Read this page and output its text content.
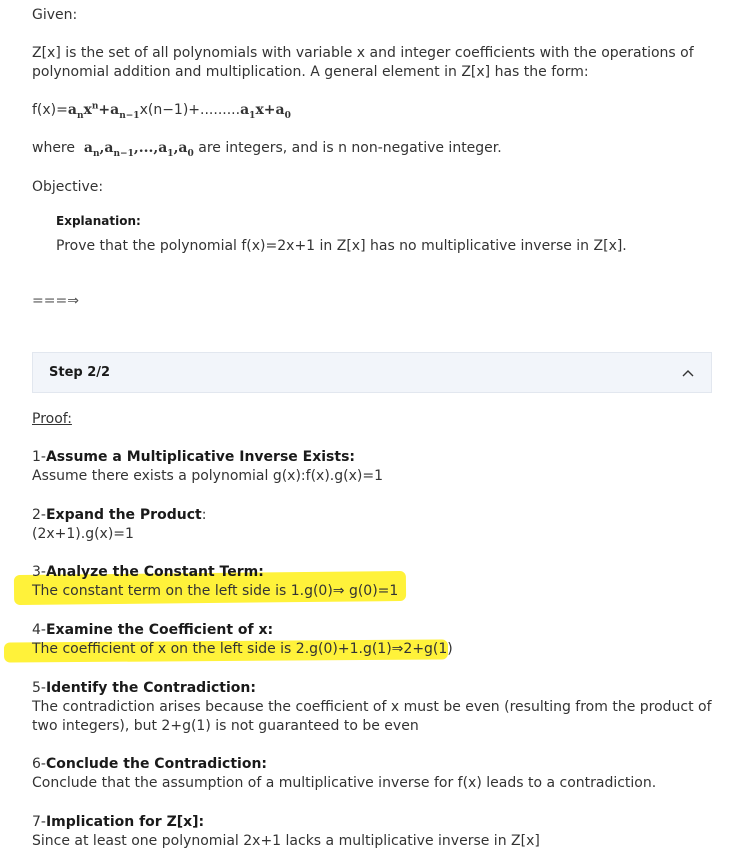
Given:
Z[x] is the set of all polynomials with variable x and integer coefficients with the operations of
polynomial addition and multiplication. A general element in Z[x] has the form:
$f(x)=a_nx^n+a_{n-1}x(n-1)+.........a_1x+a_0$
where $a_n,a_{n-1},...,a_1,a_0$ are integers, and is n non-negative integer.
Objective:
Explanation:
Prove that the polynomial f(x)=2x+1 in Z[x] has no multiplicative inverse in Z[x].
===⇒
Step 2/2
Proof:
1-Assume a Multiplicative Inverse Exists:
Assume there exists a polynomial g(x):f(x).g(x)=1
2-Expand the Product:
(2x+1).g(x)=1
3-Analyze the Constant Term:
The constant term on the left side is 1.g(0)⇒ g(0)=1
4-Examine the Coefficient of x:
The coefficient of x on the left side is 2.g(0)+1.g(1)⇒2+g(1)
5-Identify the Contradiction:
The contradiction arises because the coefficient of x must be even (resulting from the product of
two integers), but 2+g(1) is not guaranteed to be even
6-Conclude the Contradiction:
Conclude that the assumption of a multiplicative inverse for f(x) leads to a contradiction.
7-Implication for Z[x]:
Since at least one polynomial 2x+1 lacks a multiplicative inverse in Z[x]
